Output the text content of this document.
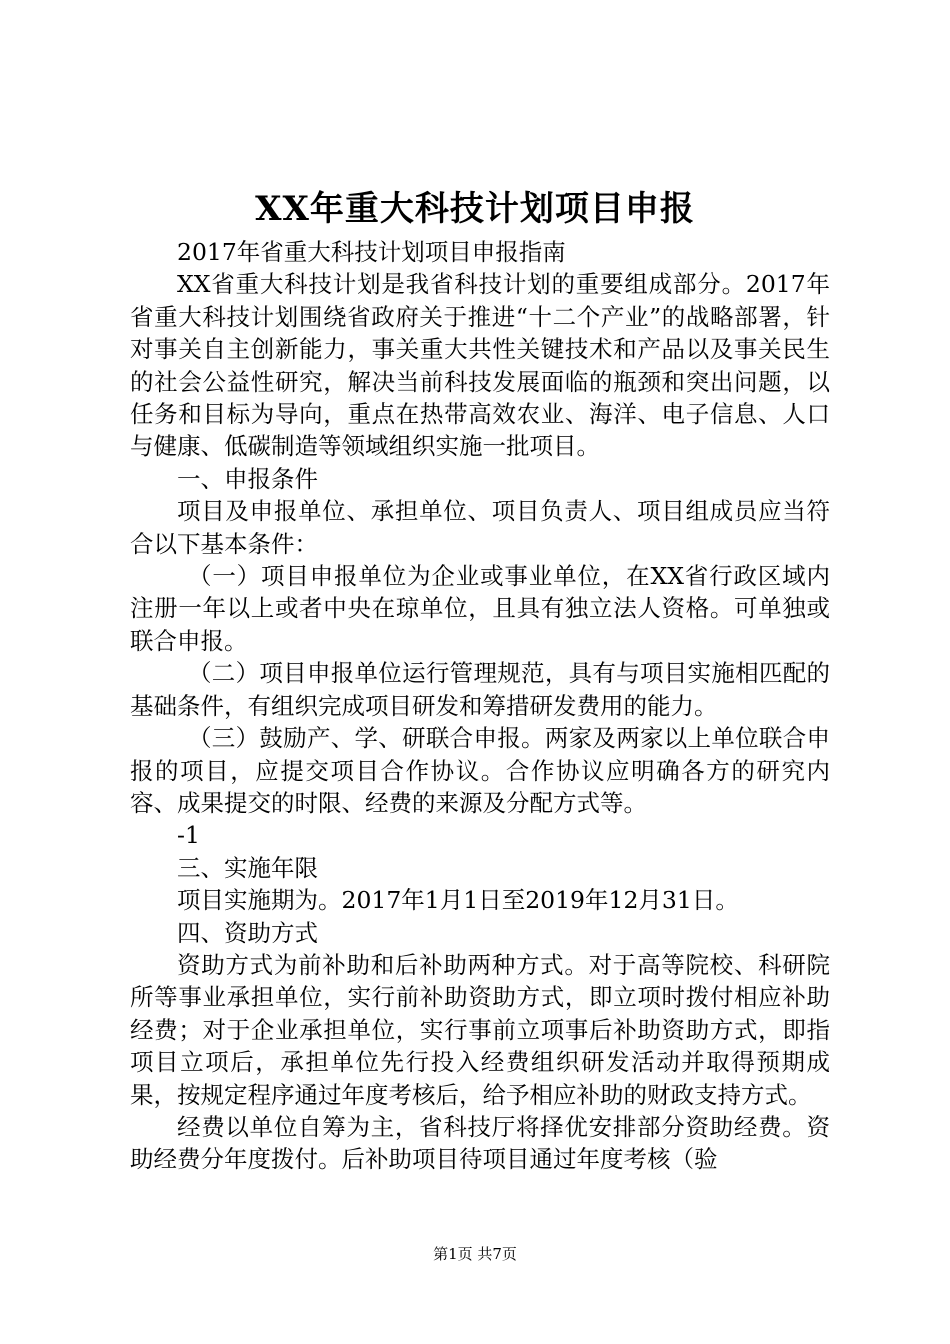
XX年重大科技计划项目申报

2017年省重大科技计划项目申报指南

XX省重大科技计划是我省科技计划的重要组成部分。2017年省重大科技计划围绕省政府关于推进“十二个产业”的战略部署，针对事关自主创新能力，事关重大共性关键技术和产品以及事关民生的社会公益性研究，解决当前科技发展面临的瓶颈和突出问题，以任务和目标为导向，重点在热带高效农业、海洋、电子信息、人口与健康、低碳制造等领域组织实施一批项目。

一、申报条件

项目及申报单位、承担单位、项目负责人、项目组成员应当符合以下基本条件：

（一）项目申报单位为企业或事业单位，在XX省行政区域内注册一年以上或者中央在琼单位，且具有独立法人资格。可单独或联合申报。

（二）项目申报单位运行管理规范，具有与项目实施相匹配的基础条件，有组织完成项目研发和筹措研发费用的能力。

（三）鼓励产、学、研联合申报。两家及两家以上单位联合申报的项目，应提交项目合作协议。合作协议应明确各方的研究内容、成果提交的时限、经费的来源及分配方式等。

-1

三、实施年限

项目实施期为。2017年1月1日至2019年12月31日。

四、资助方式

资助方式为前补助和后补助两种方式。对于高等院校、科研院所等事业承担单位，实行前补助资助方式，即立项时拨付相应补助经费；对于企业承担单位，实行事前立项事后补助资助方式，即指项目立项后，承担单位先行投入经费组织研发活动并取得预期成果，按规定程序通过年度考核后，给予相应补助的财政支持方式。

经费以单位自筹为主，省科技厅将择优安排部分资助经费。资助经费分年度拨付。后补助项目待项目通过年度考核（验

第1页 共7页
